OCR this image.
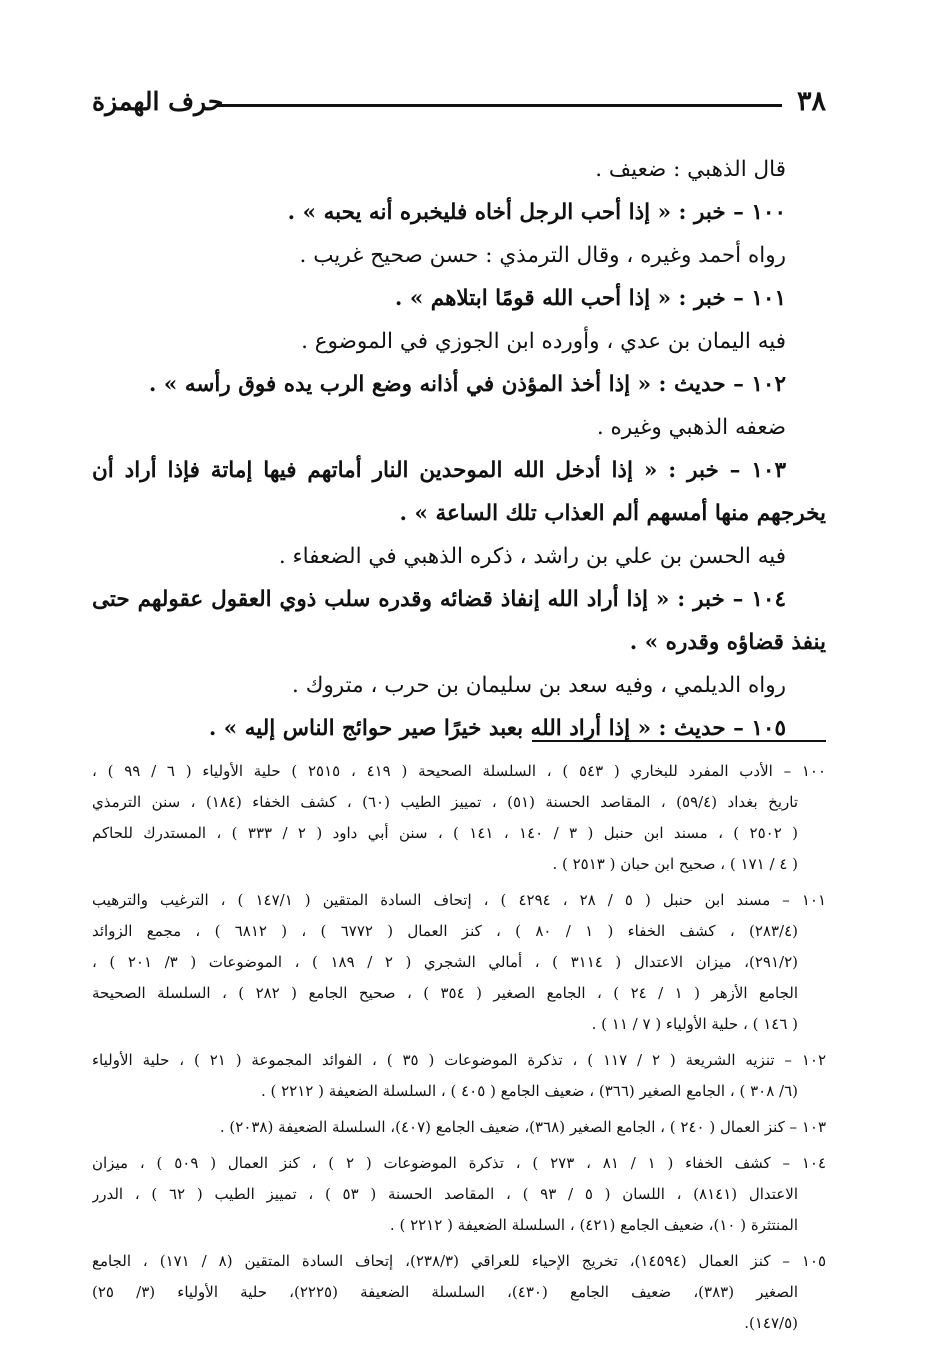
٣٨
حرف الهمزة
قال الذهبي : ضعيف .
١٠٠ – خبر : « إذا أحب الرجل أخاه فليخبره أنه يحبه » .
رواه أحمد وغيره ، وقال الترمذي : حسن صحيح غريب .
١٠١ – خبر : « إذا أحب الله قومًا ابتلاهم » .
فيه اليمان بن عدي ، وأورده ابن الجوزي في الموضوع .
١٠٢ – حديث : « إذا أخذ المؤذن في أذانه وضع الرب يده فوق رأسه » .
ضعفه الذهبي وغيره .
١٠٣ – خبر : « إذا أدخل الله الموحدين النار أماتهم فيها إماتة فإذا أراد أن
يخرجهم منها أمسهم ألم العذاب تلك الساعة » .
فيه الحسن بن علي بن راشد ، ذكره الذهبي في الضعفاء .
١٠٤ – خبر : « إذا أراد الله إنفاذ قضائه وقدره سلب ذوي العقول عقولهم حتى
ينفذ قضاؤه وقدره » .
رواه الديلمي ، وفيه سعد بن سليمان بن حرب ، متروك .
١٠٥ – حديث : « إذا أراد الله بعبد خيرًا صير حوائج الناس إليه » .
١٠٠ – الأدب المفرد للبخاري ( ٥٤٣ ) ، السلسلة الصحيحة ( ٤١٩ ، ٢٥١٥ ) حلية الأولياء ( ٦ / ٩٩ ) ،
تاريخ بغداد (٥٩/٤) ، المقاصد الحسنة (٥١) ، تمييز الطيب (٦٠) ، كشف الخفاء (١٨٤) ، سنن الترمذي
( ٢٥٠٢ ) ، مسند ابن حنبل ( ٣ / ١٤٠ ، ١٤١ ) ، سنن أبي داود ( ٢ / ٣٣٣ ) ، المستدرك للحاكم
( ٤ / ١٧١ ) ، صحيح ابن حبان ( ٢٥١٣ ) .
١٠١ – مسند ابن حنبل ( ٥ / ٢٨ ، ٤٢٩٤ ) ، إتحاف السادة المتقين ( ١٤٧/١ ) ، الترغيب والترهيب
(٢٨٣/٤) ، كشف الخفاء ( ١ / ٨٠ ) ، كنز العمال ( ٦٧٧٢ ) ، ( ٦٨١٢ ) ، مجمع الزوائد
(٢٩١/٢)، ميزان الاعتدال ( ٣١١٤ ) ، أمالي الشجري ( ٢ / ١٨٩ ) ، الموضوعات ( ٣/ ٢٠١ ) ،
الجامع الأزهر ( ١ / ٢٤ ) ، الجامع الصغير ( ٣٥٤ ) ، صحيح الجامع ( ٢٨٢ ) ، السلسلة الصحيحة
( ١٤٦ ) ، حلية الأولياء ( ٧ / ١١ ) .
١٠٢ – تنزيه الشريعة ( ٢ / ١١٧ ) ، تذكرة الموضوعات ( ٣٥ ) ، الفوائد المجموعة ( ٢١ ) ، حلية الأولياء
(٦/ ٣٠٨ ) ، الجامع الصغير (٣٦٦) ، ضعيف الجامع ( ٤٠٥ ) ، السلسلة الضعيفة ( ٢٢١٢ ) .
١٠٣ – كنز العمال ( ٢٤٠ ) ، الجامع الصغير (٣٦٨)، ضعيف الجامع (٤٠٧)، السلسلة الضعيفة (٢٠٣٨) .
١٠٤ – كشف الخفاء ( ١ / ٨١ ، ٢٧٣ ) ، تذكرة الموضوعات ( ٢ ) ، كنز العمال ( ٥٠٩ ) ، ميزان
الاعتدال (٨١٤١) ، اللسان ( ٥ / ٩٣ ) ، المقاصد الحسنة ( ٥٣ ) ، تمييز الطيب ( ٦٢ ) ، الدرر
المنتثرة ( ١٠)، ضعيف الجامع (٤٢١) ، السلسلة الضعيفة ( ٢٢١٢ ) .
١٠٥ – كنز العمال (١٤٥٩٤)، تخريج الإحياء للعراقي (٢٣٨/٣)، إتحاف السادة المتقين (٨ / ١٧١) ، الجامع
الصغير (٣٨٣)، ضعيف الجامع (٤٣٠)، السلسلة الضعيفة (٢٢٢٥)، حلية الأولياء (٣/ ٢٥)
(١٤٧/٥).
